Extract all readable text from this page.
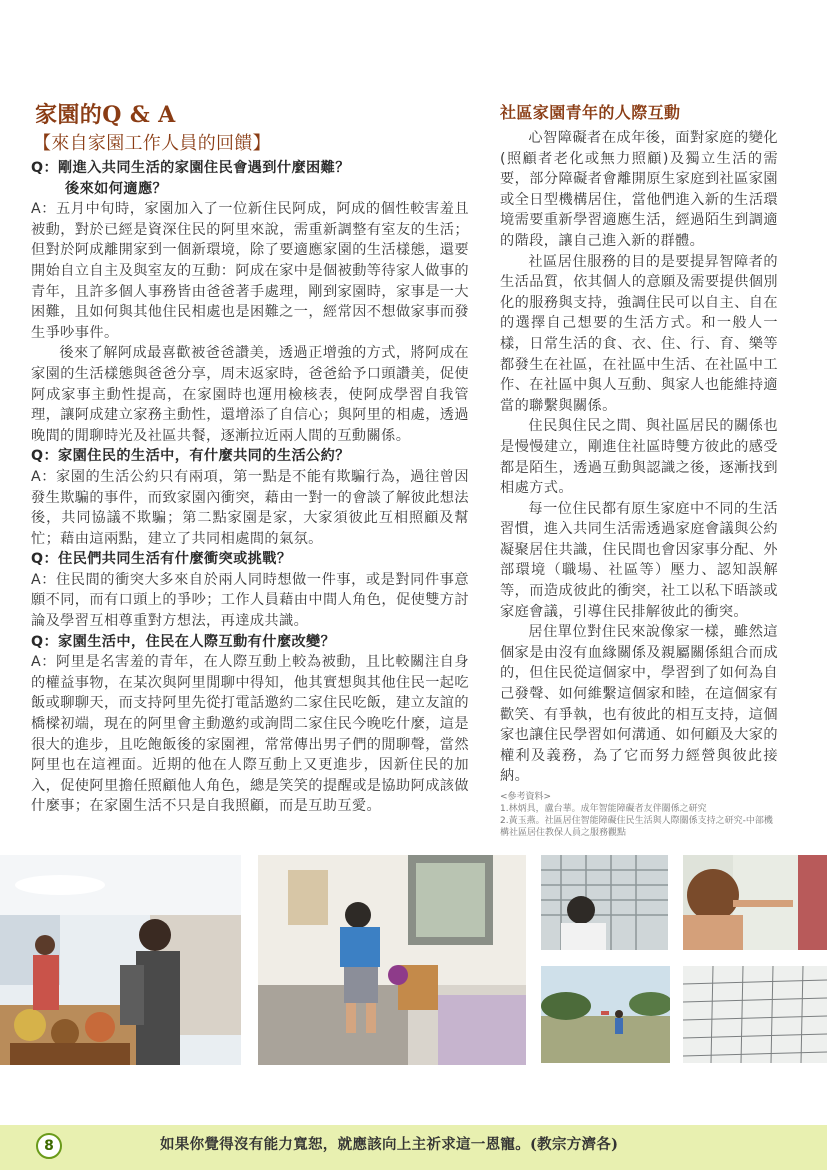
家園的Q & A
【來自家園工作人員的回饋】
Q：剛進入共同生活的家園住民會遇到什麼困難？
後來如何適應？
A：五月中旬時，家園加入了一位新住民阿成，阿成的個性較害羞且被動，對於已經是資深住民的阿里來說，需重新調整有室友的生活；但對於阿成離開家到一個新環境，除了要適應家園的生活樣態，還要開始自立自主及與室友的互動：阿成在家中是個被動等待家人做事的青年，且許多個人事務皆由爸爸著手處理，剛到家園時，家事是一大困難，且如何與其他住民相處也是困難之一，經常因不想做家事而發生爭吵事件。
後來了解阿成最喜歡被爸爸讚美，透過正增強的方式，將阿成在家園的生活樣態與爸爸分享，周末返家時，爸爸給予口頭讚美，促使阿成家事主動性提高，在家園時也運用檢核表，使阿成學習自我管理，讓阿成建立家務主動性，還增添了自信心；與阿里的相處，透過晚間的閒聊時光及社區共餐，逐漸拉近兩人間的互動關係。
Q：家園住民的生活中，有什麼共同的生活公約？
A：家園的生活公約只有兩項，第一點是不能有欺騙行為，過往曾因發生欺騙的事件，而致家園內衝突，藉由一對一的會談了解彼此想法後，共同協議不欺騙；第二點家園是家，大家須彼此互相照顧及幫忙；藉由這兩點，建立了共同相處間的氣氛。
Q：住民們共同生活有什麼衝突或挑戰？
A：住民間的衝突大多來自於兩人同時想做一件事，或是對同件事意願不同，而有口頭上的爭吵；工作人員藉由中間人角色，促使雙方討論及學習互相尊重對方想法，再達成共識。
Q：家園生活中，住民在人際互動有什麼改變？
A：阿里是名害羞的青年，在人際互動上較為被動，且比較關注自身的權益事物，在某次與阿里閒聊中得知，他其實想與其他住民一起吃飯或聊聊天，而支持阿里先從打電話邀約二家住民吃飯，建立友誼的橋樑初端，現在的阿里會主動邀約或詢問二家住民今晚吃什麼，這是很大的進步，且吃飽飯後的家園裡，常常傳出男子們的閒聊聲，當然阿里也在這裡面。近期的他在人際互動上又更進步，因新住民的加入，促使阿里擔任照顧他人角色，總是笑笑的提醒或是協助阿成該做什麼事；在家園生活不只是自我照顧，而是互助互愛。
社區家園青年的人際互動
心智障礙者在成年後，面對家庭的變化(照顧者老化或無力照顧)及獨立生活的需要，部分障礙者會離開原生家庭到社區家園或全日型機構居住，當他們進入新的生活環境需要重新學習適應生活，經過陌生到調適的階段，讓自己進入新的群體。
社區居住服務的目的是要提昇智障者的生活品質，依其個人的意願及需要提供個別化的服務與支持，強調住民可以自主、自在的選擇自己想要的生活方式。和一般人一樣，日常生活的食、衣、住、行、育、樂等都發生在社區，在社區中生活、在社區中工作、在社區中與人互動、與家人也能維持適當的聯繫與關係。
住民與住民之間、與社區居民的關係也是慢慢建立，剛進住社區時雙方彼此的感受都是陌生，透過互動與認識之後，逐漸找到相處方式。
每一位住民都有原生家庭中不同的生活習慣，進入共同生活需透過家庭會議與公約凝聚居住共識，住民間也會因家事分配、外部環境（職場、社區等）壓力、認知誤解等，而造成彼此的衝突，社工以私下晤談或家庭會議，引導住民排解彼此的衝突。
居住單位對住民來說像家一樣，雖然這個家是由沒有血緣關係及親屬關係組合而成的，但住民從這個家中，學習到了如何為自己發聲、如何維繫這個家和睦，在這個家有歡笑、有爭執，也有彼此的相互支持，這個家也讓住民學習如何溝通、如何顧及大家的權利及義務，為了它而努力經營與彼此接納。
<參考資料>
1.林炳具，盧台華。成年智能障礙者友伴關係之研究
2.黃玉燕。社區居住智能障礙住民生活與人際關係支持之研究-中部機構社區居住教保人員之服務觀點
8	如果你覺得沒有能力寬恕，就應該向上主祈求這一恩寵。(教宗方濟各)
